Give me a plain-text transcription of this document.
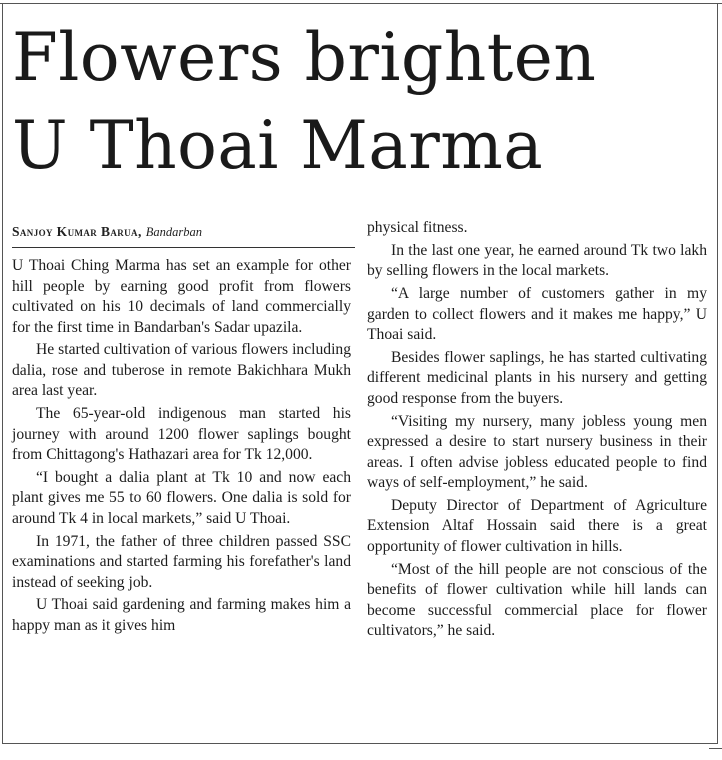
Flowers brighten
U Thoai Marma
Sanjoy Kumar Barua, Bandarban

U Thoai Ching Marma has set an example for other hill people by earning good profit from flowers cultivated on his 10 decimals of land commercially for the first time in Bandarban's Sadar upazila.

He started cultivation of various flowers including dalia, rose and tuberose in remote Bakichhara Mukh area last year.

The 65-year-old indigenous man started his journey with around 1200 flower saplings bought from Chittagong's Hathazari area for Tk 12,000.

“I bought a dalia plant at Tk 10 and now each plant gives me 55 to 60 flowers. One dalia is sold for around Tk 4 in local markets,” said U Thoai.

In 1971, the father of three children passed SSC examinations and started farming his forefather's land instead of seeking job.

U Thoai said gardening and farming makes him a happy man as it gives him

physical fitness.

In the last one year, he earned around Tk two lakh by selling flowers in the local markets.

“A large number of customers gather in my garden to collect flowers and it makes me happy,” U Thoai said.

Besides flower saplings, he has started cultivating different medicinal plants in his nursery and getting good response from the buyers.

“Visiting my nursery, many jobless young men expressed a desire to start nursery business in their areas. I often advise jobless educated people to find ways of self-employment,” he said.

Deputy Director of Department of Agriculture Extension Altaf Hossain said there is a great opportunity of flower cultivation in hills.

“Most of the hill people are not conscious of the benefits of flower cultivation while hill lands can become successful commercial place for flower cultivators,” he said.
